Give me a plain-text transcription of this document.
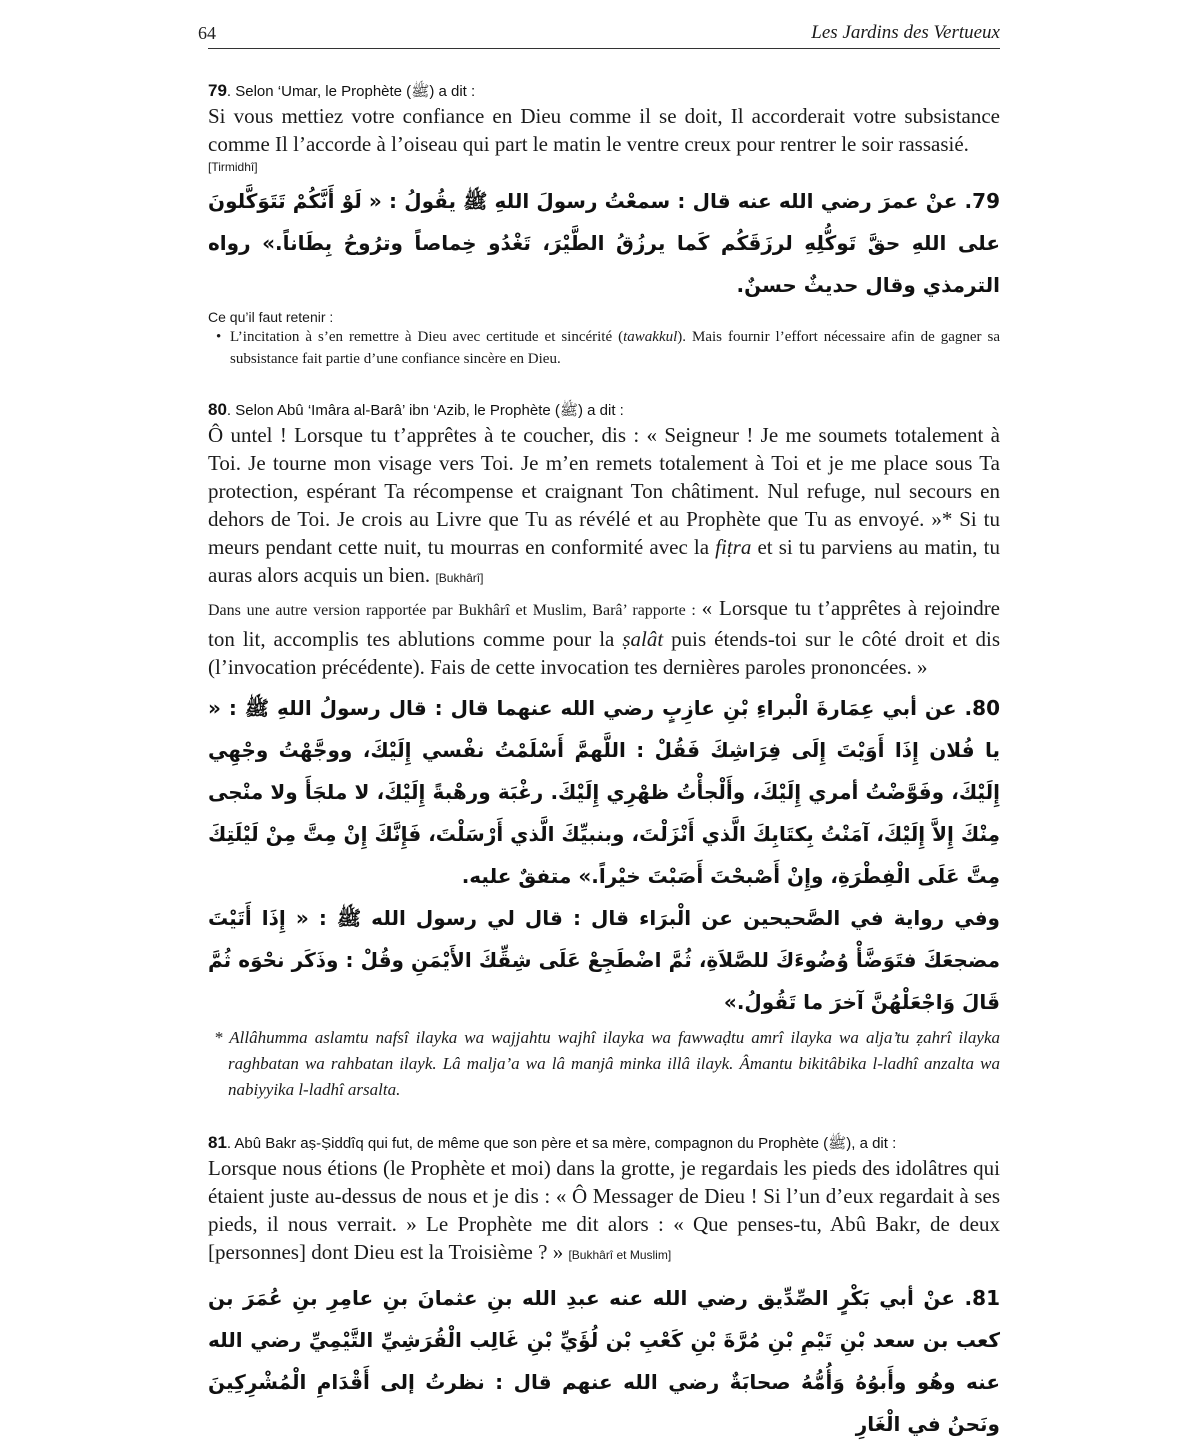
64	Les Jardins des Vertueux
79. Selon ‘Umar, le Prophète (ﷺ) a dit :
Si vous mettiez votre confiance en Dieu comme il se doit, Il accorderait votre subsistance comme Il l’accorde à l’oiseau qui part le matin le ventre creux pour rentrer le soir rassasié.
[Tirmidhî]
79. عنْ عمرَ رضي الله عنه قال : سمعْتُ رسولَ اللهِ ﷺ يقُولُ : « لَوْ أَنَّكُمْ تَتَوَكَّلونَ على اللهِ حقَّ تَوكُّلِهِ لرزَقَكُم كَما يرزُقُ الطَّيْرَ، تَغْدُو خِماصاً وترُوحُ بِطَاناً.» رواه الترمذي وقال حديثٌ حسنٌ.
Ce qu’il faut retenir :
• L’incitation à s’en remettre à Dieu avec certitude et sincérité (tawakkul). Mais fournir l’effort nécessaire afin de gagner sa subsistance fait partie d’une confiance sincère en Dieu.
80. Selon Abû ‘Imâra al-Barâ’ ibn ‘Azib, le Prophète (ﷺ) a dit :
Ô untel ! Lorsque tu t’apprêtes à te coucher, dis : « Seigneur ! Je me soumets totalement à Toi. Je tourne mon visage vers Toi. Je m’en remets totalement à Toi et je me place sous Ta protection, espérant Ta récompense et craignant Ton châtiment. Nul refuge, nul secours en dehors de Toi. Je crois au Livre que Tu as révélé et au Prophète que Tu as envoyé. »* Si tu meurs pendant cette nuit, tu mourras en conformité avec la fiṭra et si tu parviens au matin, tu auras alors acquis un bien. [Bukhârî]
Dans une autre version rapportée par Bukhârî et Muslim, Barâ’ rapporte : « Lorsque tu t’apprêtes à rejoindre ton lit, accomplis tes ablutions comme pour la ṣalât puis étends-toi sur le côté droit et dis (l’invocation précédente). Fais de cette invocation tes dernières paroles prononcées. »
80. عن أبي عِمَارةَ الْبراءِ بْنِ عازِبٍ رضي الله عنهما قال : قال رسولُ اللهِ ﷺ : « يا فُلان إِذَا أَوَيْتَ إِلَى فِرَاشِكَ فَقُلْ : اللَّهمَّ أَسْلَمْتُ نفْسي إِلَيْكَ، ووجَّهْتُ وجْهِي إِلَيْكَ، وفَوَّضْتُ أمري إِلَيْكَ، وأَلْجأْتُ ظهْرِي إِلَيْكَ. رغْبَة ورهْبةً إِلَيْكَ، لا ملجَأَ ولا منْجى مِنْكَ إِلاَّ إِلَيْكَ، آمَنْتُ بِكتَابِكَ الَّذي أَنْزَلْتَ، وبنبيِّكَ الَّذي أَرْسَلْتَ، فَإِنَّكَ إِنْ مِتَّ مِنْ لَيْلَتِكَ مِتَّ عَلَى الْفِطْرَةِ، وإِنْ أَصْبحْتَ أَصَبْتَ خيْراً.» متفقٌ عليه.
وفي رواية في الصَّحيحين عن الْبرَاء قال : قال لي رسول الله ﷺ : « إِذَا أَتَيْتَ مضجعَكَ فتَوَضَّأْ وُضُوءَكَ للصَّلاَةِ، ثُمَّ اضْطَجِعْ عَلَى شِقِّكَ الأَيْمَنِ وقُلْ : وذَكَر نحْوَه ثُمَّ قَالَ وَاجْعَلْهُنَّ آخرَ ما تَقُولُ.»
* Allâhumma aslamtu nafsî ilayka wa wajjahtu wajhî ilayka wa fawwaḍtu amrî ilayka wa alja’tu ẓahrî ilayka raghbatan wa rahbatan ilayk. Lâ malja’a wa lâ manjâ minka illâ ilayk. Âmantu bikitâbika l-ladhî anzalta wa nabiyyika l-ladhî arsalta.
81. Abû Bakr aṣ-Ṣiddîq qui fut, de même que son père et sa mère, compagnon du Prophète (ﷺ), a dit :
Lorsque nous étions (le Prophète et moi) dans la grotte, je regardais les pieds des idolâtres qui étaient juste au-dessus de nous et je dis : « Ô Messager de Dieu ! Si l’un d’eux regardait à ses pieds, il nous verrait. » Le Prophète me dit alors : « Que penses-tu, Abû Bakr, de deux [personnes] dont Dieu est la Troisième ? » [Bukhârî et Muslim]
81. عنْ أبي بَكْرٍ الصِّدِّيق رضي الله عنه عبدِ الله بنِ عثمانَ بنِ عامِرِ بنِ عُمَرَ بن كعب بن سعد بْنِ تَيْمِ بْنِ مُرَّةَ بْنِ كَعْبِ بْن لُؤَيِّ بْنِ غَالِب الْقُرَشِيِّ التَّيْمِيِّ رضي الله عنه وهُو وأَبوُهُ وَأُمُّهُ صحابَةٌ رضي الله عنهم قال : نظرتُ إلى أَقْدَامِ الْمُشْرِكِينَ ونَحنُ في الْغَارِ
